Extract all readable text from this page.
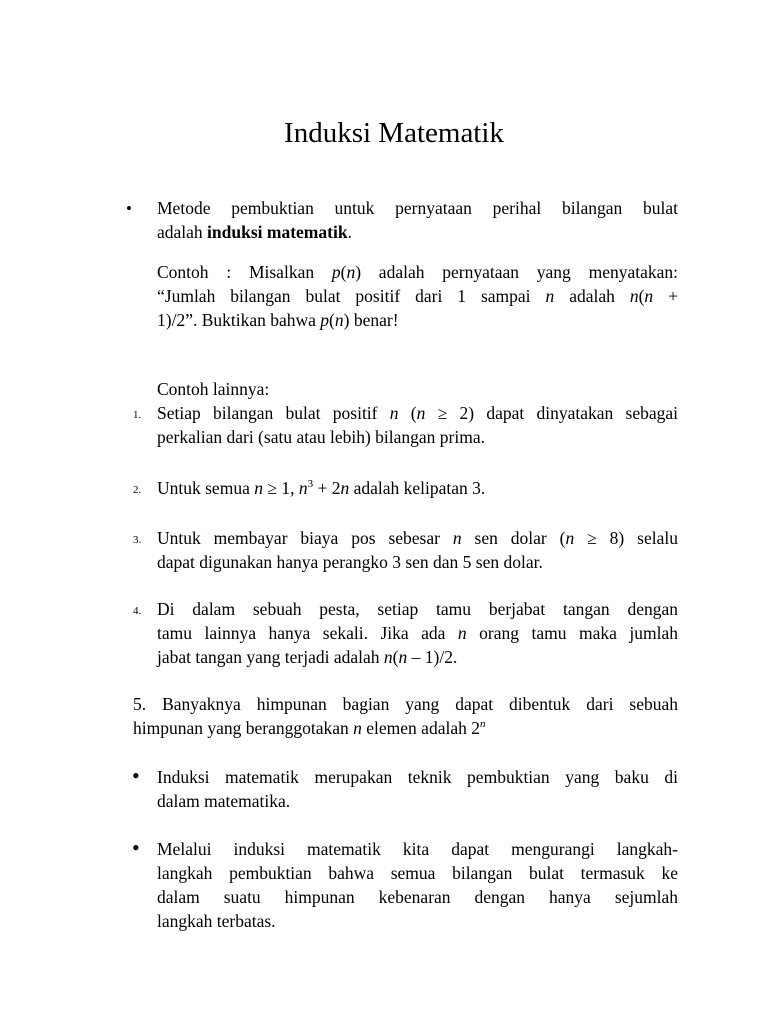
Induksi Matematik
• Metode pembuktian untuk pernyataan perihal bilangan bulat
adalah induksi matematik.
Contoh : Misalkan p(n) adalah pernyataan yang menyatakan:
“Jumlah bilangan bulat positif dari 1 sampai n adalah n(n +
1)/2”. Buktikan bahwa p(n) benar!
Contoh lainnya:
1. Setiap bilangan bulat positif n (n ≥ 2) dapat dinyatakan sebagai
perkalian dari (satu atau lebih) bilangan prima.
2. Untuk semua n ≥ 1, $n^3 + 2n$ adalah kelipatan 3.
3. Untuk membayar biaya pos sebesar n sen dolar (n ≥ 8) selalu
dapat digunakan hanya perangko 3 sen dan 5 sen dolar.
4. Di dalam sebuah pesta, setiap tamu berjabat tangan dengan
tamu lainnya hanya sekali. Jika ada n orang tamu maka jumlah
jabat tangan yang terjadi adalah n(n – 1)/2.
5. Banyaknya himpunan bagian yang dapat dibentuk dari sebuah
himpunan yang beranggotakan n elemen adalah 2$^n$
• Induksi matematik merupakan teknik pembuktian yang baku di
dalam matematika.
• Melalui induksi matematik kita dapat mengurangi langkah-
langkah pembuktian bahwa semua bilangan bulat termasuk ke
dalam suatu himpunan kebenaran dengan hanya sejumlah
langkah terbatas.
